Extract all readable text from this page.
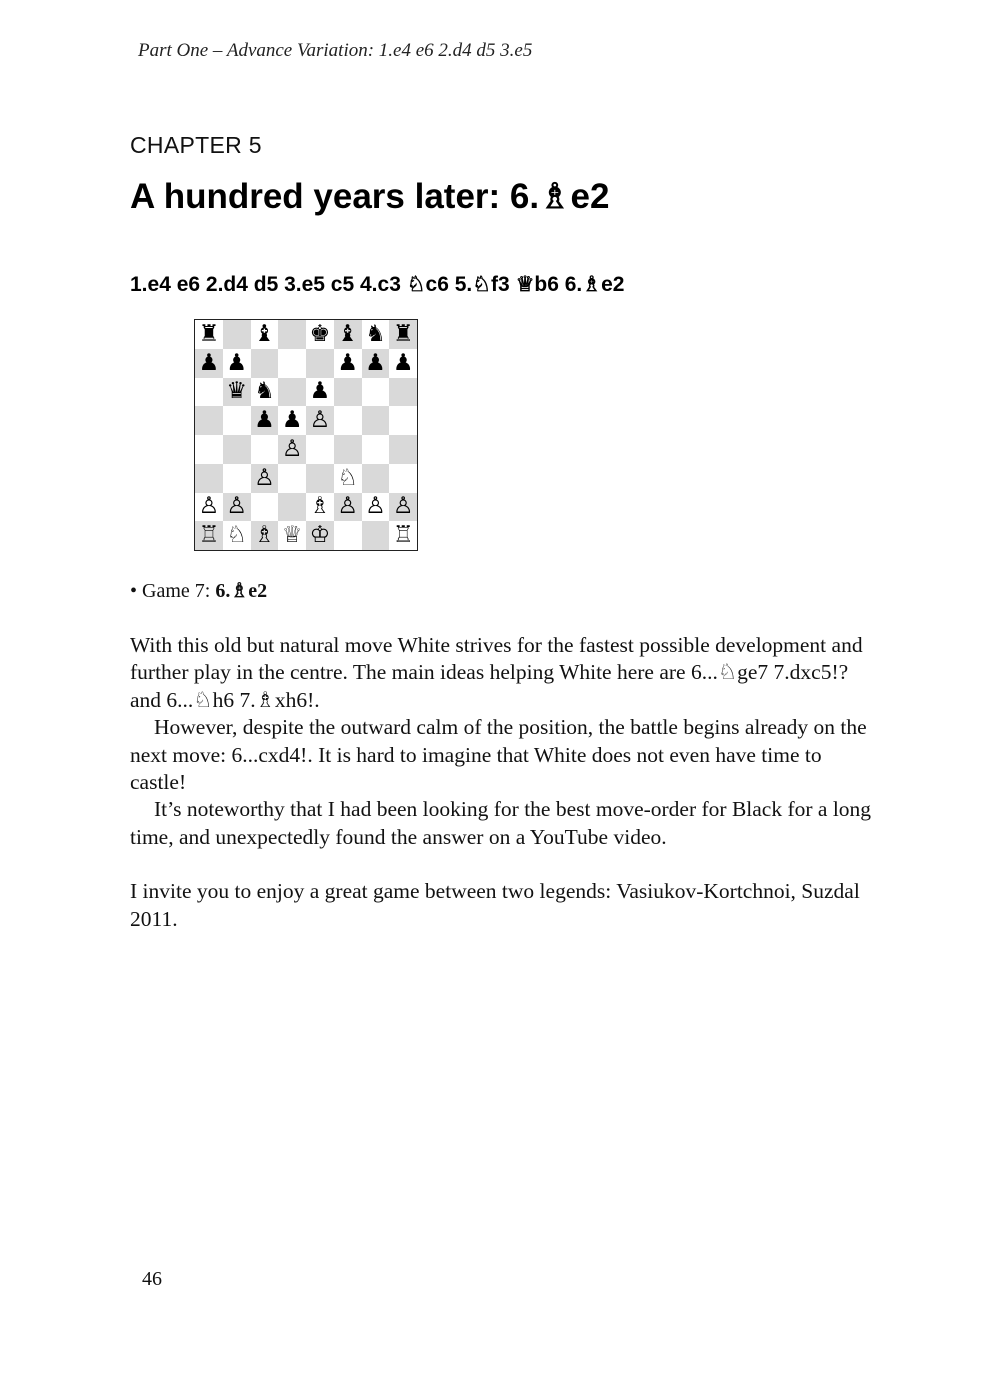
Part One – Advance Variation: 1.e4 e6 2.d4 d5 3.e5
CHAPTER 5
A hundred years later: 6.♗e2
1.e4 e6 2.d4 d5 3.e5 c5 4.c3 ♘c6 5.♘f3 ♕b6 6.♗e2
♜ ♝ ♚ ♝ ♞ ♜
♟ ♟	♟ ♟ ♟
♛ ♞ ♟
♟ ♟ ♙
♙
♙	♘
♙ ♙	♗ ♙ ♙ ♙
♖ ♘ ♗ ♕ ♔	♖
• Game 7: 6.♗e2

With this old but natural move White strives for the fastest possible development and further play in the centre. The main ideas helping White here are 6...♘ge7 7.dxc5!? and 6...♘h6 7.♗xh6!.

However, despite the outward calm of the position, the battle begins already on the next move: 6...cxd4!. It is hard to imagine that White does not even have time to castle!

It’s noteworthy that I had been looking for the best move-order for Black for a long time, and unexpectedly found the answer on a YouTube video.

I invite you to enjoy a great game between two legends: Vasiukov-Kortchnoi, Suzdal 2011.

46
